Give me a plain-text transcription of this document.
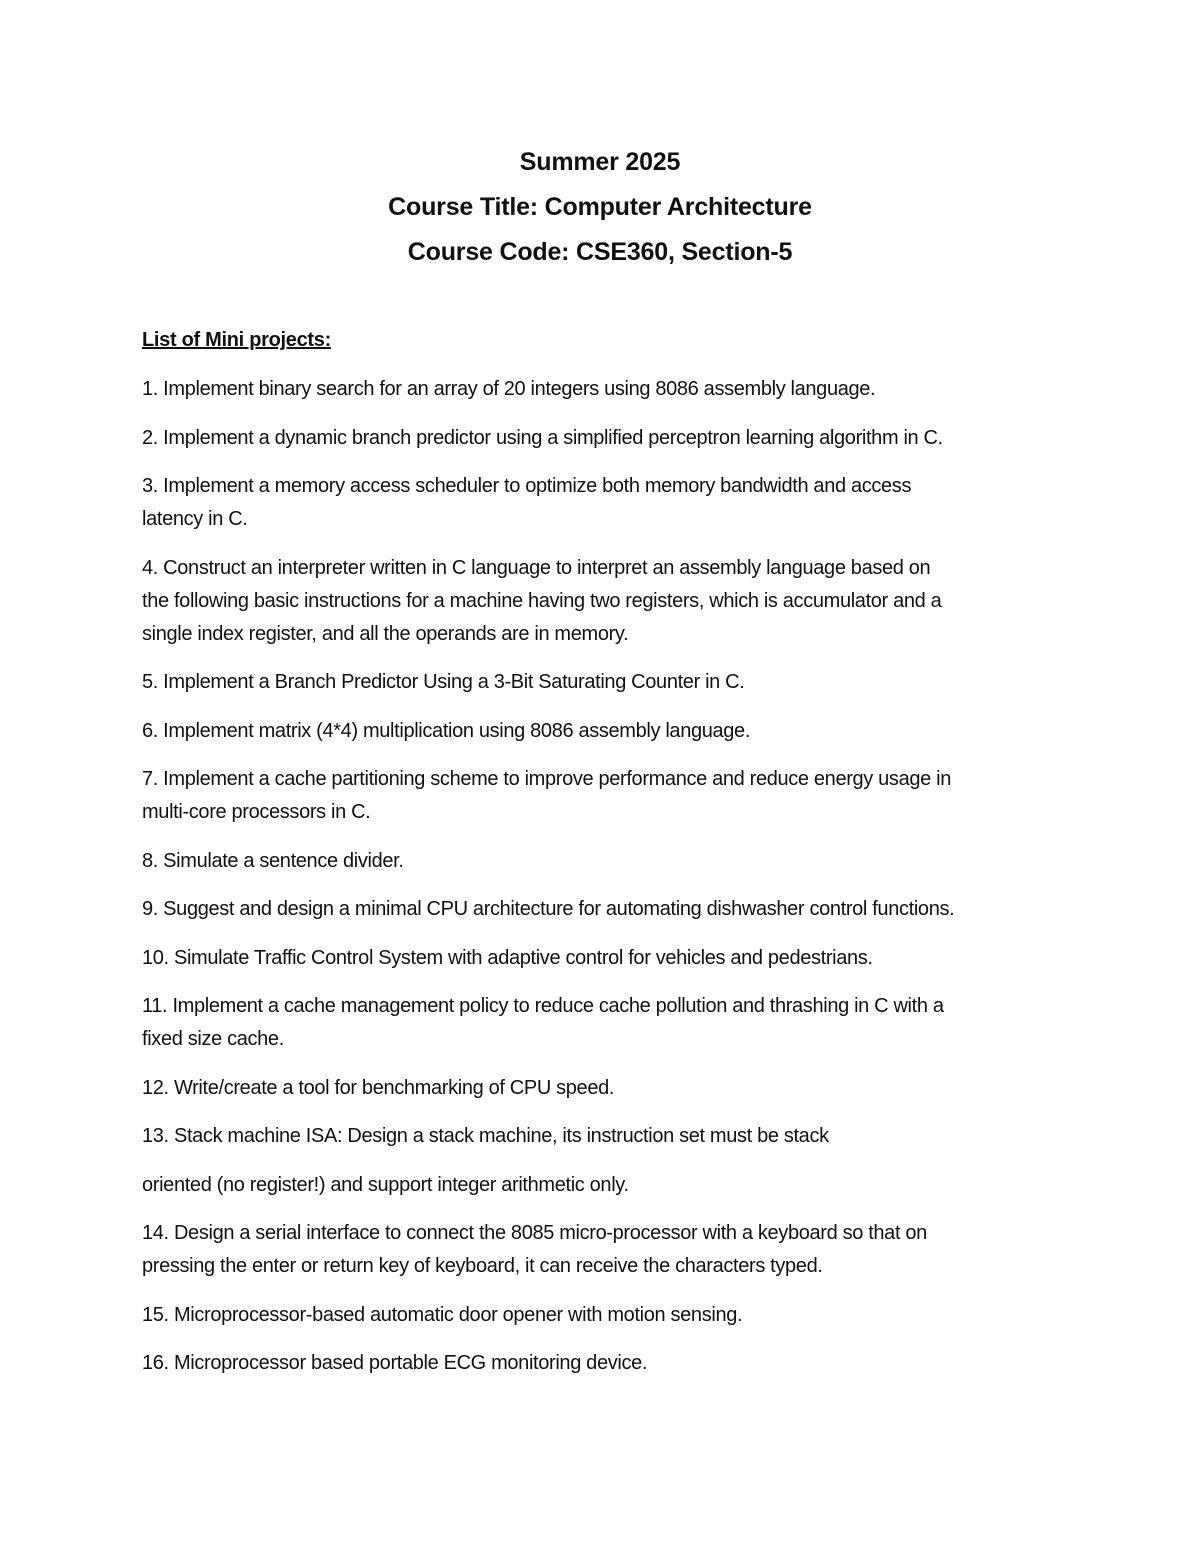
Summer 2025
Course Title: Computer Architecture
Course Code: CSE360, Section-5
List of Mini projects:
1. Implement binary search for an array of 20 integers using 8086 assembly language.
2. Implement a dynamic branch predictor using a simplified perceptron learning algorithm in C.
3. Implement a memory access scheduler to optimize both memory bandwidth and access
latency in C.
4. Construct an interpreter written in C language to interpret an assembly language based on
the following basic instructions for a machine having two registers, which is accumulator and a
single index register, and all the operands are in memory.
5. Implement a Branch Predictor Using a 3-Bit Saturating Counter in C.
6. Implement matrix (4*4) multiplication using 8086 assembly language.
7. Implement a cache partitioning scheme to improve performance and reduce energy usage in
multi-core processors in C.
8. Simulate a sentence divider.
9. Suggest and design a minimal CPU architecture for automating dishwasher control functions.
10. Simulate Traffic Control System with adaptive control for vehicles and pedestrians.
11. Implement a cache management policy to reduce cache pollution and thrashing in C with a
fixed size cache.
12. Write/create a tool for benchmarking of CPU speed.
13. Stack machine ISA: Design a stack machine, its instruction set must be stack
oriented (no register!) and support integer arithmetic only.
14. Design a serial interface to connect the 8085 micro-processor with a keyboard so that on
pressing the enter or return key of keyboard, it can receive the characters typed.
15. Microprocessor-based automatic door opener with motion sensing.
16. Microprocessor based portable ECG monitoring device.
